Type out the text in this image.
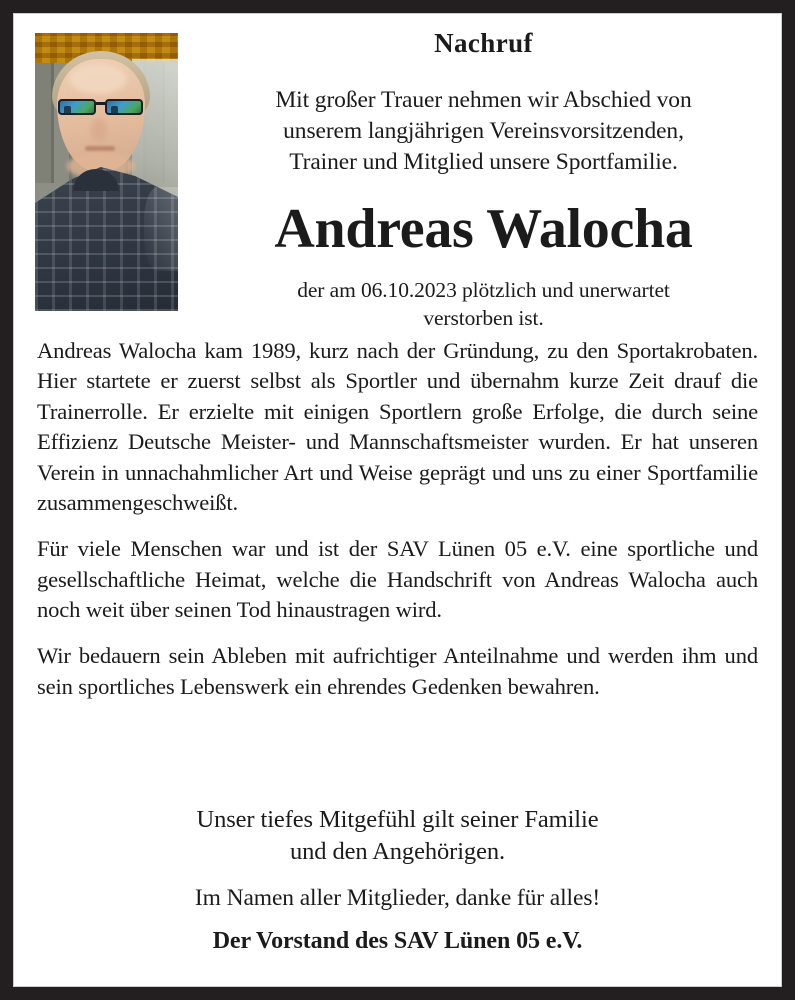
Nachruf
Mit großer Trauer nehmen wir Abschied von
unserem langjährigen Vereinsvorsitzenden,
Trainer und Mitglied unsere Sportfamilie.
Andreas Walocha
der am 06.10.2023 plötzlich und unerwartet
verstorben ist.

Andreas Walocha kam 1989, kurz nach der Gründung, zu den Sportakrobaten. Hier startete er zuerst selbst als Sportler und übernahm kurze Zeit drauf die Trainerrolle. Er erzielte mit einigen Sportlern große Erfolge, die durch seine Effizienz Deutsche Meister- und Mannschaftsmeister wurden. Er hat unseren Verein in unnachahmlicher Art und Weise geprägt und uns zu einer Sportfamilie zusammengeschweißt.

Für viele Menschen war und ist der SAV Lünen 05 e.V. eine sportliche und gesellschaftliche Heimat, welche die Handschrift von Andreas Walocha auch noch weit über seinen Tod hinaustragen wird.

Wir bedauern sein Ableben mit aufrichtiger Anteilnahme und werden ihm und sein sportliches Lebenswerk ein ehrendes Gedenken bewahren.

Unser tiefes Mitgefühl gilt seiner Familie
und den Angehörigen.
Im Namen aller Mitglieder, danke für alles!
Der Vorstand des SAV Lünen 05 e.V.
